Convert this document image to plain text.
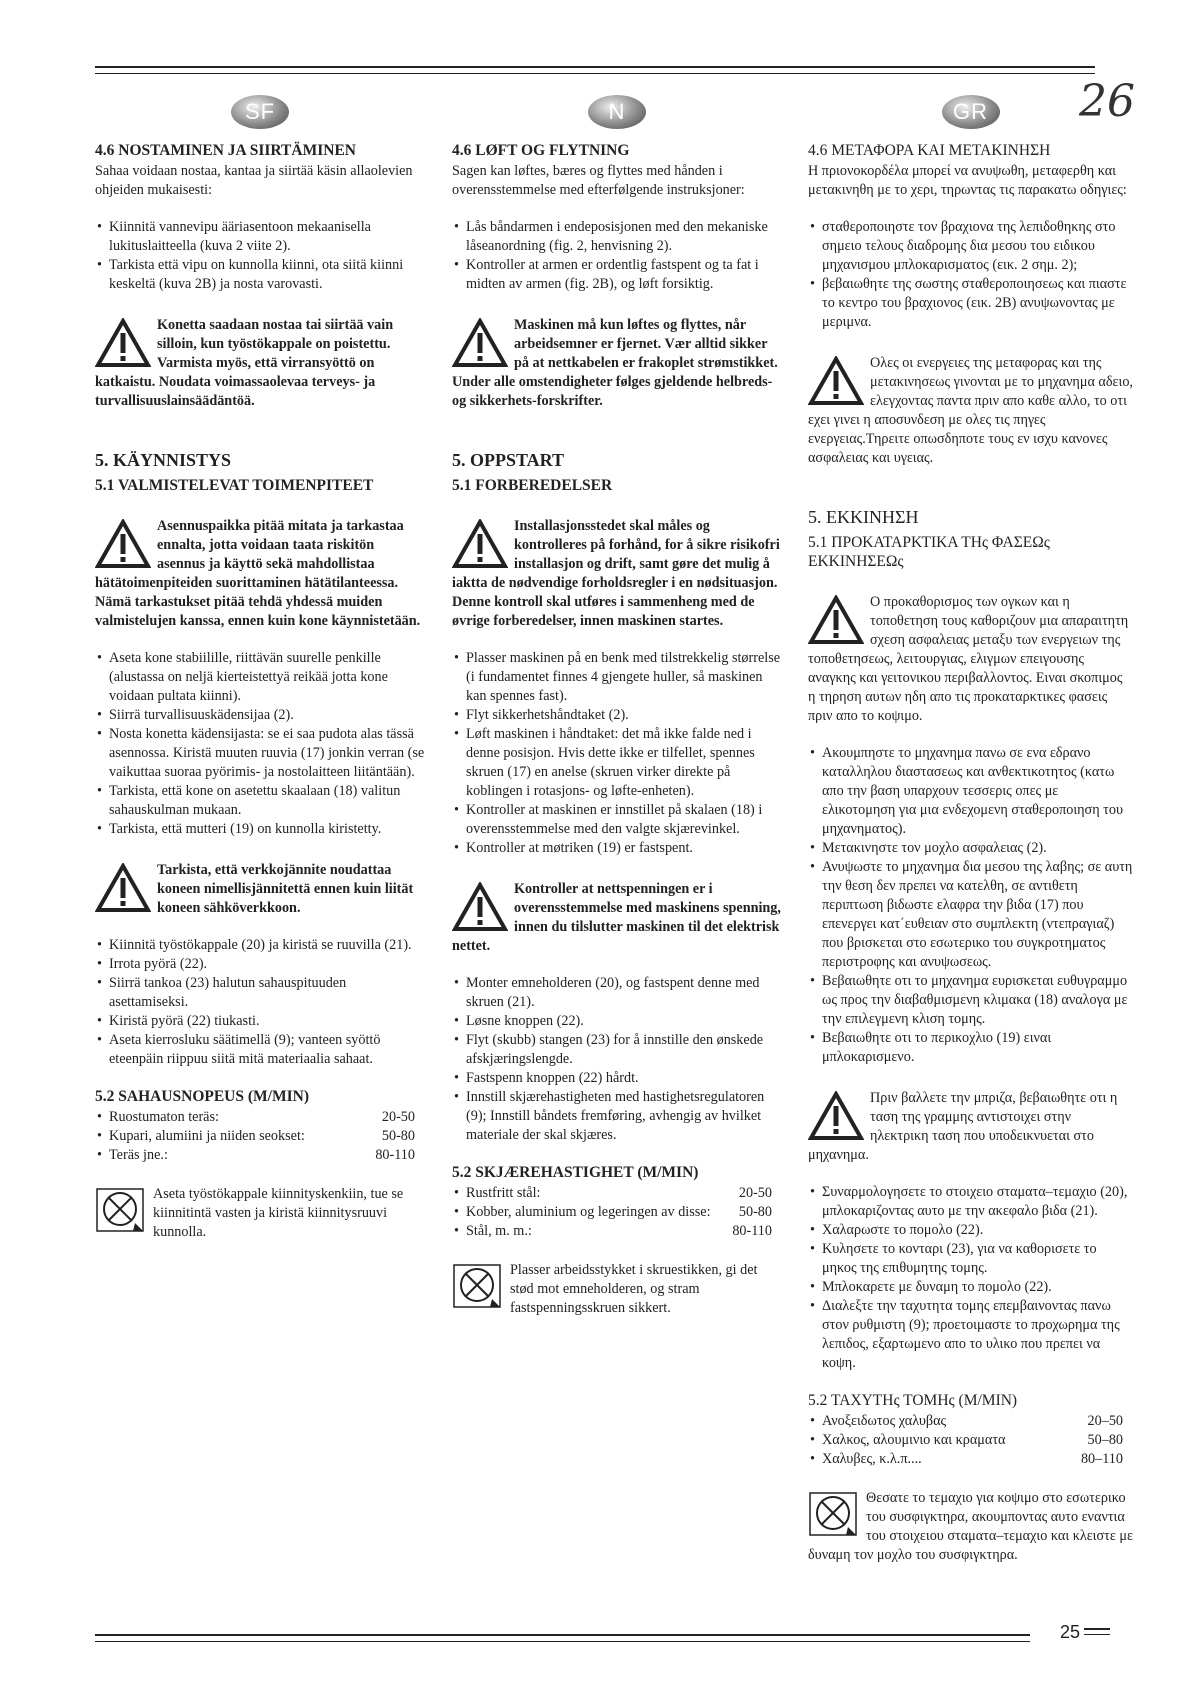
26
SF
4.6 NOSTAMINEN JA SIIRTÄMINEN

Sahaa voidaan nostaa, kantaa ja siirtää käsin allaolevien ohjeiden mukaisesti:

• Kiinnitä vannevipu ääriasentoon mekaanisella lukituslaitteella (kuva 2 viite 2).
• Tarkista että vipu on kunnolla kiinni, ota siitä kiinni keskeltä (kuva 2B) ja nosta varovasti.
Konetta saadaan nostaa tai siirtää vain silloin, kun työstökappale on poistettu. Varmista myös, että virransyöttö on katkaistu. Noudata voimassaolevaa terveys- ja turvallisuuslainsäädäntöä.
5. KÄYNNISTYS
5.1 VALMISTELEVAT TOIMENPITEET
Asennuspaikka pitää mitata ja tarkastaa ennalta, jotta voidaan taata riskitön asennus ja käyttö sekä mahdollistaa hätätoimenpiteiden suorittaminen hätätilanteessa. Nämä tarkastukset pitää tehdä yhdessä muiden valmistelujen kanssa, ennen kuin kone käynnistetään.
• Aseta kone stabiilille, riittävän suurelle penkille (alustassa on neljä kierteistettyä reikää jotta kone voidaan pultata kiinni).
• Siirrä turvallisuuskädensijaa (2).
• Nosta konetta kädensijasta: se ei saa pudota alas tässä asennossa. Kiristä muuten ruuvia (17) jonkin verran (se vaikuttaa suoraa pyörimis- ja nostolaitteen liitäntään).
• Tarkista, että kone on asetettu skaalaan (18) valitun sahauskulman mukaan.
• Tarkista, että mutteri (19) on kunnolla kiristetty.
Tarkista, että verkkojännite noudattaa koneen nimellisjännitettä ennen kuin liität koneen sähköverkkoon.
• Kiinnitä työstökappale (20) ja kiristä se ruuvilla (21).
• Irrota pyörä (22).
• Siirrä tankoa (23) halutun sahauspituuden asettamiseksi.
• Kiristä pyörä (22) tiukasti.
• Aseta kierrosluku säätimellä (9); vanteen syöttö eteenpäin riippuu siitä mitä materiaalia sahaat.
5.2 SAHAUSNOPEUS (M/MIN)
• Ruostumaton teräs:	20-50
• Kupari, alumiini ja niiden seokset:	50-80
• Teräs jne.:	80-110
Aseta työstökappale kiinnityskenkiin, tue se kiinnitintä vasten ja kiristä kiinnitysruuvi kunnolla.
N
4.6 LØFT OG FLYTNING

Sagen kan løftes, bæres og flyttes med hånden i overensstemmelse med efterfølgende instruksjoner:

• Lås båndarmen i endeposisjonen med den mekaniske låseanordning (fig. 2, henvisning 2).
• Kontroller at armen er ordentlig fastspent og ta fat i midten av armen (fig. 2B), og løft forsiktig.
Maskinen må kun løftes og flyttes, når arbeidsemner er fjernet. Vær alltid sikker på at nettkabelen er frakoplet strømstikket. Under alle omstendigheter følges gjeldende helbreds- og sikkerhets-forskrifter.
5. OPPSTART
5.1 FORBEREDELSER
Installasjonsstedet skal måles og kontrolleres på forhånd, for å sikre risikofri installasjon og drift, samt gøre det mulig å iaktta de nødvendige forholdsregler i en nødsituasjon. Denne kontroll skal utføres i sammenheng med de øvrige forberedelser, innen maskinen startes.
• Plasser maskinen på en benk med tilstrekkelig størrelse (i fundamentet finnes 4 gjengete huller, så maskinen kan spennes fast).
• Flyt sikkerhetshåndtaket (2).
• Løft maskinen i håndtaket: det må ikke falde ned i denne posisjon. Hvis dette ikke er tilfellet, spennes skruen (17) en anelse (skruen virker direkte på koblingen i rotasjons- og løfte-enheten).
• Kontroller at maskinen er innstillet på skalaen (18) i overensstemmelse med den valgte skjærevinkel.
• Kontroller at møtriken (19) er fastspent.
Kontroller at nettspenningen er i overensstemmelse med maskinens spenning, innen du tilslutter maskinen til det elektrisk nettet.
• Monter emneholderen (20), og fastspent denne med skruen (21).
• Løsne knoppen (22).
• Flyt (skubb) stangen (23) for å innstille den ønskede afskjæringslengde.
• Fastspenn knoppen (22) hårdt.
• Innstill skjærehastigheten med hastighetsregulatoren (9); Innstill båndets fremføring, avhengig av hvilket materiale der skal skjæres.
5.2 SKJÆREHASTIGHET (M/MIN)
• Rustfritt stål:	20-50
• Kobber, aluminium og legeringen av disse: 50-80
• Stål, m. m.:	80-110
Plasser arbeidsstykket i skruestikken, gi det stød mot emneholderen, og stram fastspenningsskruen sikkert.
GR
4.6 ΜΕΤΑΦΟΡΑ ΚΑΙ ΜΕΤΑΚΙΝΗΣΗ

Η πριονοκορδέλα μπορεί να ανυψωθη, μεταφερθη και μετακινηθη με το χερι, τηρωντας τις παρακατω οδηγιες:

• σταθεροποιηστε τον βραχιονα της λεπιδοθηκης στο σημειο τελους διαδρομης δια μεσου του ειδικου μηχανισμου μπλοκαρισματος (εικ. 2 σημ. 2);
• βεβαιωθητε της σωστης σταθεροποιησεως και πιαστε το κεντρο του βραχιονος (εικ. 2Β) ανυψωνοντας με μεριμνα.
Ολες οι ενεργειες της μεταφορας και της μετακινησεως γινονται με το μηχανημα αδειο, ελεγχοντας παντα πριν απο καθε αλλο, το οτι εχει γινει η αποσυνδεση με ολες τις πηγες ενεργειας.Τηρειτε οπωσδηποτε τους εν ισχυ κανονες ασφαλειας και υγειας.
5. ΕΚΚΙΝΗΣΗ
5.1 ΠΡΟΚΑΤΑΡΚΤΙΚΑ ΤΗς ΦΑΣΕΩς ΕΚΚΙΝΗΣΕΩς
Ο προκαθορισμος των ογκων και η τοποθετηση τους καθοριζουν μια απαραιτητη σχεση ασφαλειας μεταξυ των ενεργειων της τοποθετησεως, λειτουργιας, ελιγμων επειγουσης αναγκης και γειτονικου περιβαλλοντος. Ειναι σκοπιμος η τηρηση αυτων ηδη απο τις προκαταρκτικες φασεις πριν απο το κοψιμο.
• Ακουμπηστε το μηχανημα πανω σε ενα εδρανο καταλληλου διαστασεως και ανθεκτικοτητος (κατω απο την βαση υπαρχουν τεσσερις οπες με ελικοτομηση για μια ενδεχομενη σταθεροποιηση του μηχανηματος).
• Μετακινηστε τον μοχλο ασφαλειας (2).
• Ανυψωστε το μηχανημα δια μεσου της λαβης; σε αυτη την θεση δεν πρεπει να κατελθη, σε αντιθετη περιπτωση βιδωστε ελαφρα την βιδα (17) που επενεργει κατ΄ευθειαν στο συμπλεκτη (ντεπραγιαζ) που βρισκεται στο εσωτερικο του συγκροτηματος περιστροφης και ανυψωσεως.
• Βεβαιωθητε οτι το μηχανημα ευρισκεται ευθυγραμμο ως προς την διαβαθμισμενη κλιμακα (18) αναλογα με την επιλεγμενη κλιση τομης.
• Βεβαιωθητε οτι το περικοχλιο (19) ειναι μπλοκαρισμενο.
Πριν βαλλετε την μπριζα, βεβαιωθητε οτι η ταση της γραμμης αντιστοιχει στην ηλεκτρικη ταση που υποδεικνυεται στο μηχανημα.
• Συναρμολογησετε το στοιχειο σταματα–τεμαχιο (20), μπλοκαριζοντας αυτο με την ακεφαλο βιδα (21).
• Χαλαρωστε το πομολο (22).
• Κυλησετε το κονταρι (23), για να καθορισετε το μηκος της επιθυμητης τομης.
• Μπλοκαρετε με δυναμη το πομολο (22).
• Διαλεξτε την ταχυτητα τομης επεμβαινοντας πανω στον ρυθμιστη (9); προετοιμαστε το προχωρημα της λεπιδος, εξαρτωμενο απο το υλικο που πρεπει να κοψη.
5.2 ΤΑΧΥΤΗς ΤΟΜΗς (M/MIN)
• Ανοξειδωτος χαλυβας	20–50
• Χαλκος, αλουμινιο και κραματα	50–80
• Χαλυβες, κ.λ.π....	80–110
Θεσατε το τεμαχιο για κοψιμο στο εσωτερικο του συσφιγκτηρα, ακουμποντας αυτο εναντια του στοιχειου σταματα–τεμαχιο και κλειστε με δυναμη τον μοχλο του συσφιγκτηρα.
25
